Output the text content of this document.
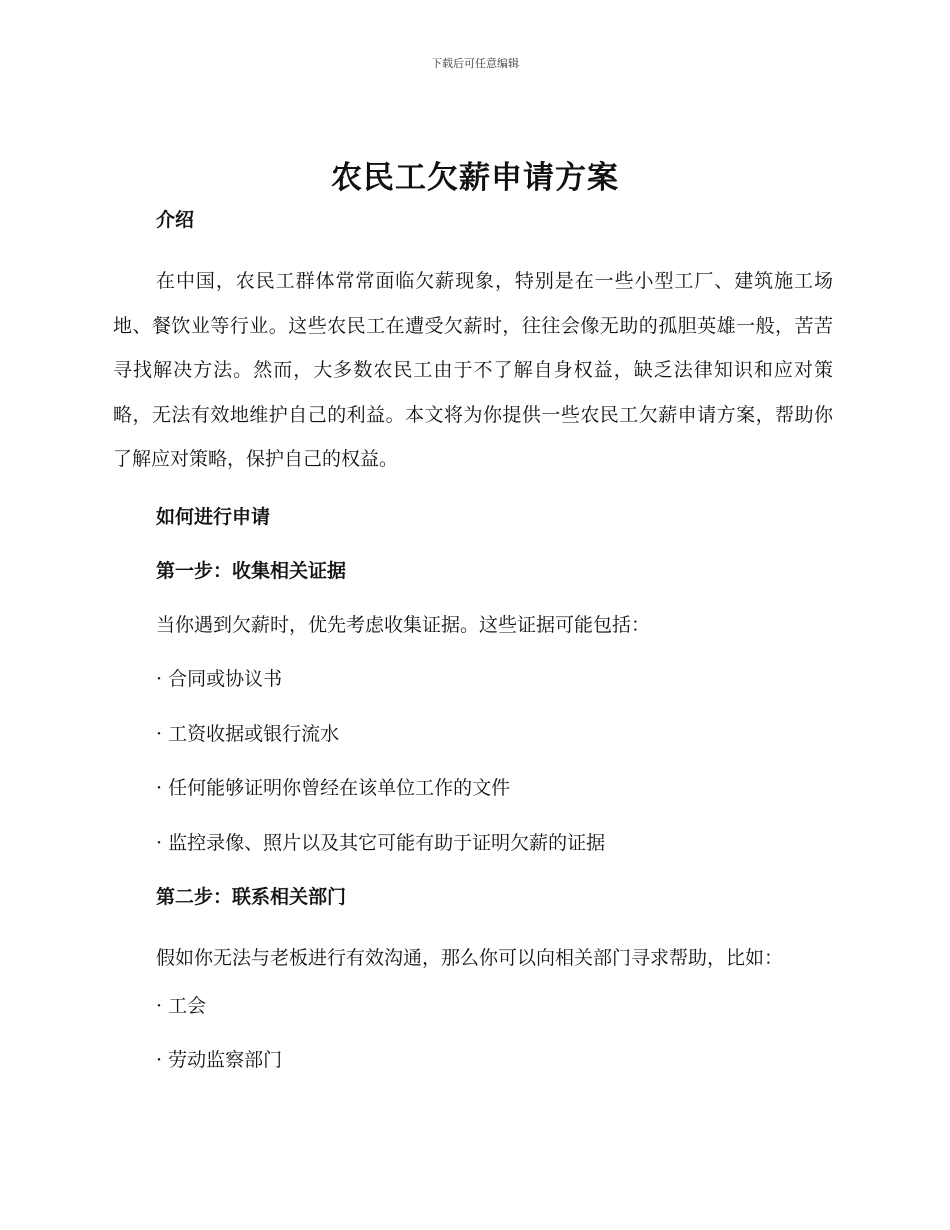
下载后可任意编辑
农民工欠薪申请方案

介绍

在中国，农民工群体常常面临欠薪现象，特别是在一些小型工厂、建筑施工场地、餐饮业等行业。这些农民工在遭受欠薪时，往往会像无助的孤胆英雄一般，苦苦寻找解决方法。然而，大多数农民工由于不了解自身权益，缺乏法律知识和应对策略，无法有效地维护自己的利益。本文将为你提供一些农民工欠薪申请方案，帮助你了解应对策略，保护自己的权益。

如何进行申请

第一步：收集相关证据

当你遇到欠薪时，优先考虑收集证据。这些证据可能包括：

· 合同或协议书

· 工资收据或银行流水

· 任何能够证明你曾经在该单位工作的文件

· 监控录像、照片以及其它可能有助于证明欠薪的证据

第二步：联系相关部门

假如你无法与老板进行有效沟通，那么你可以向相关部门寻求帮助，比如：

· 工会

· 劳动监察部门
